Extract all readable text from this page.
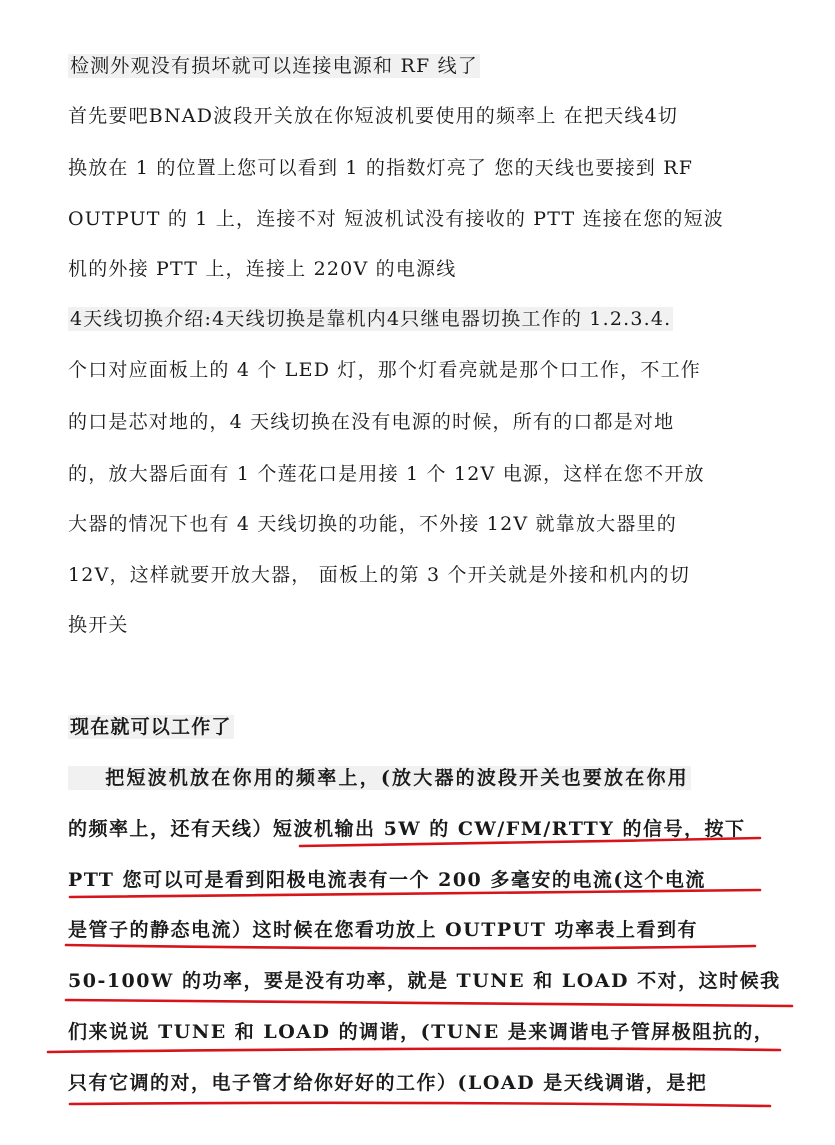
检测外观没有损坏就可以连接电源和 RF 线了
首先要吧BNAD波段开关放在你短波机要使用的频率上 在把天线4切
换放在 1 的位置上您可以看到 1 的指数灯亮了 您的天线也要接到 RF
OUTPUT 的 1 上，连接不对 短波机试没有接收的 PTT 连接在您的短波
机的外接 PTT 上，连接上 220V 的电源线
4天线切换介绍:4天线切换是靠机内4只继电器切换工作的 1.2.3.4.
个口对应面板上的 4 个 LED 灯，那个灯看亮就是那个口工作，不工作
的口是芯对地的，4 天线切换在没有电源的时候，所有的口都是对地
的，放大器后面有 1 个莲花口是用接 1 个 12V 电源，这样在您不开放
大器的情况下也有 4 天线切换的功能，不外接 12V 就靠放大器里的
12V，这样就要开放大器， 面板上的第 3 个开关就是外接和机内的切
换开关
现在就可以工作了
把短波机放在你用的频率上，(放大器的波段开关也要放在你用
的频率上，还有天线）短波机输出 5W 的 CW/FM/RTTY 的信号，按下
PTT 您可以可是看到阳极电流表有一个 200 多毫安的电流(这个电流
是管子的静态电流）这时候在您看功放上 OUTPUT 功率表上看到有
50-100W 的功率，要是没有功率，就是 TUNE 和 LOAD 不对，这时候我
们来说说 TUNE 和 LOAD 的调谐，(TUNE 是来调谐电子管屏极阻抗的，
只有它调的对，电子管才给你好好的工作）(LOAD 是天线调谐，是把
